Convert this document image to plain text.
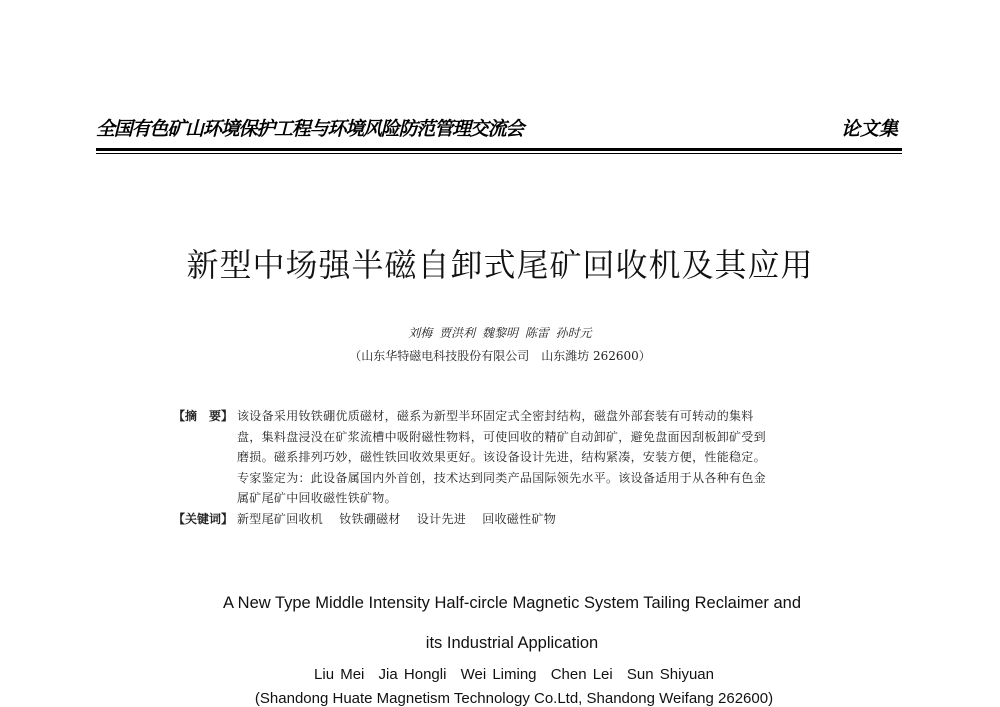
全国有色矿山环境保护工程与环境风险防范管理交流会	论文集
新型中场强半磁自卸式尾矿回收机及其应用
刘梅 贾洪利 魏黎明 陈雷 孙时元
（山东华特磁电科技股份有限公司　山东潍坊 262600）
【摘　要】 该设备采用钕铁硼优质磁材，磁系为新型半环固定式全密封结构，磁盘外部套装有可转动的集料
盘，集料盘浸没在矿浆流槽中吸附磁性物料，可使回收的精矿自动卸矿，避免盘面因刮板卸矿受到
磨损。磁系排列巧妙，磁性铁回收效果更好。该设备设计先进，结构紧凑，安装方便，性能稳定。
专家鉴定为：此设备属国内外首创，技术达到同类产品国际领先水平。该设备适用于从各种有色金
属矿尾矿中回收磁性铁矿物。
【关键词】 新型尾矿回收机 钕铁硼磁材 设计先进 回收磁性矿物
A New Type Middle Intensity Half-circle Magnetic System Tailing Reclaimer and
its Industrial Application
Liu Mei Jia Hongli Wei Liming Chen Lei Sun Shiyuan
(Shandong Huate Magnetism Technology Co.Ltd, Shandong Weifang 262600)
